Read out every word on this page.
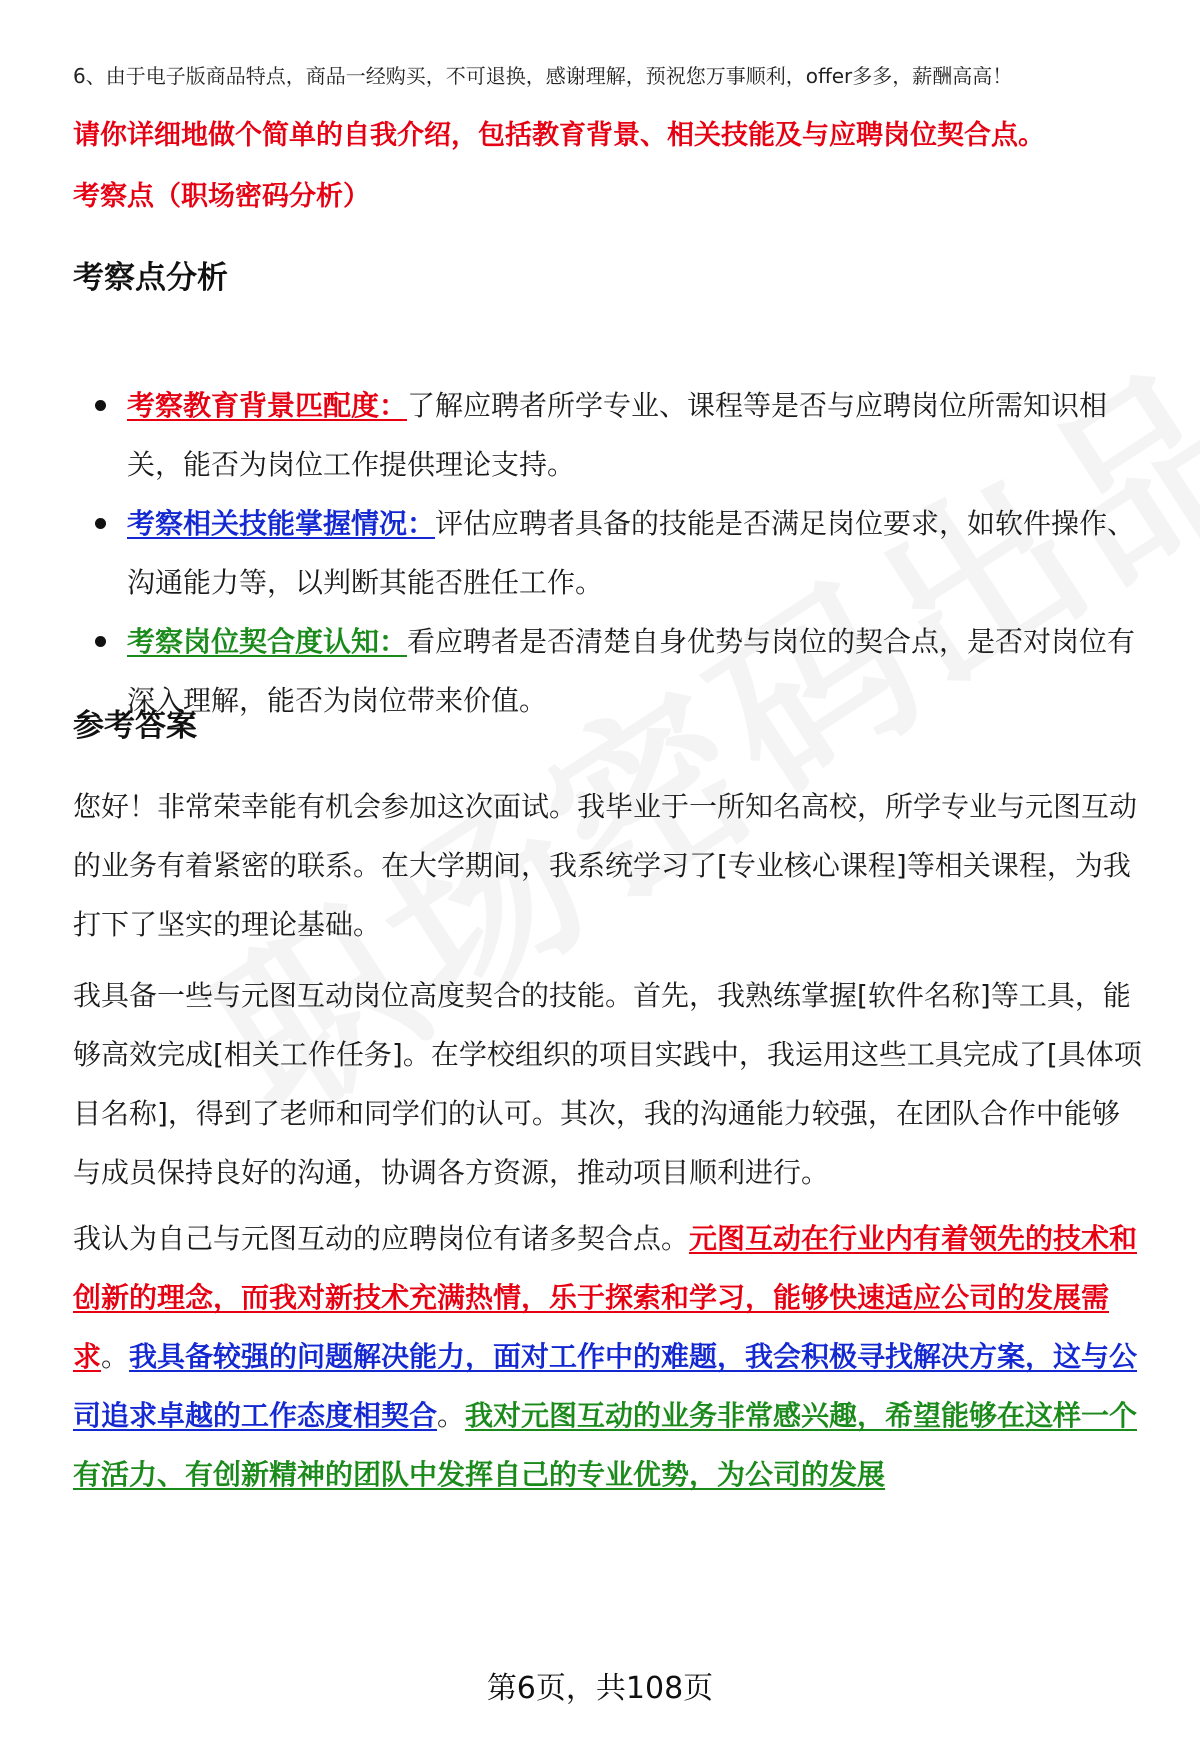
6、由于电子版商品特点，商品一经购买，不可退换，感谢理解，预祝您万事顺利，offer多多，薪酬高高！
请你详细地做个简单的自我介绍，包括教育背景、相关技能及与应聘岗位契合点。
考察点（职场密码分析）
考察点分析
考察教育背景匹配度：了解应聘者所学专业、课程等是否与应聘岗位所需知识相关，能否为岗位工作提供理论支持。
考察相关技能掌握情况：评估应聘者具备的技能是否满足岗位要求，如软件操作、沟通能力等，以判断其能否胜任工作。
考察岗位契合度认知：看应聘者是否清楚自身优势与岗位的契合点，是否对岗位有深入理解，能否为岗位带来价值。
参考答案

您好！非常荣幸能有机会参加这次面试。我毕业于一所知名高校，所学专业与元图互动的业务有着紧密的联系。在大学期间，我系统学习了[专业核心课程]等相关课程，为我打下了坚实的理论基础。

我具备一些与元图互动岗位高度契合的技能。首先，我熟练掌握[软件名称]等工具，能够高效完成[相关工作任务]。在学校组织的项目实践中，我运用这些工具完成了[具体项目名称]，得到了老师和同学们的认可。其次，我的沟通能力较强，在团队合作中能够与成员保持良好的沟通，协调各方资源，推动项目顺利进行。

我认为自己与元图互动的应聘岗位有诸多契合点。元图互动在行业内有着领先的技术和创新的理念，而我对新技术充满热情，乐于探索和学习，能够快速适应公司的发展需求。我具备较强的问题解决能力，面对工作中的难题，我会积极寻找解决方案，这与公司追求卓越的工作态度相契合。我对元图互动的业务非常感兴趣，希望能够在这样一个有活力、有创新精神的团队中发挥自己的专业优势，为公司的发展

第6页，共108页
